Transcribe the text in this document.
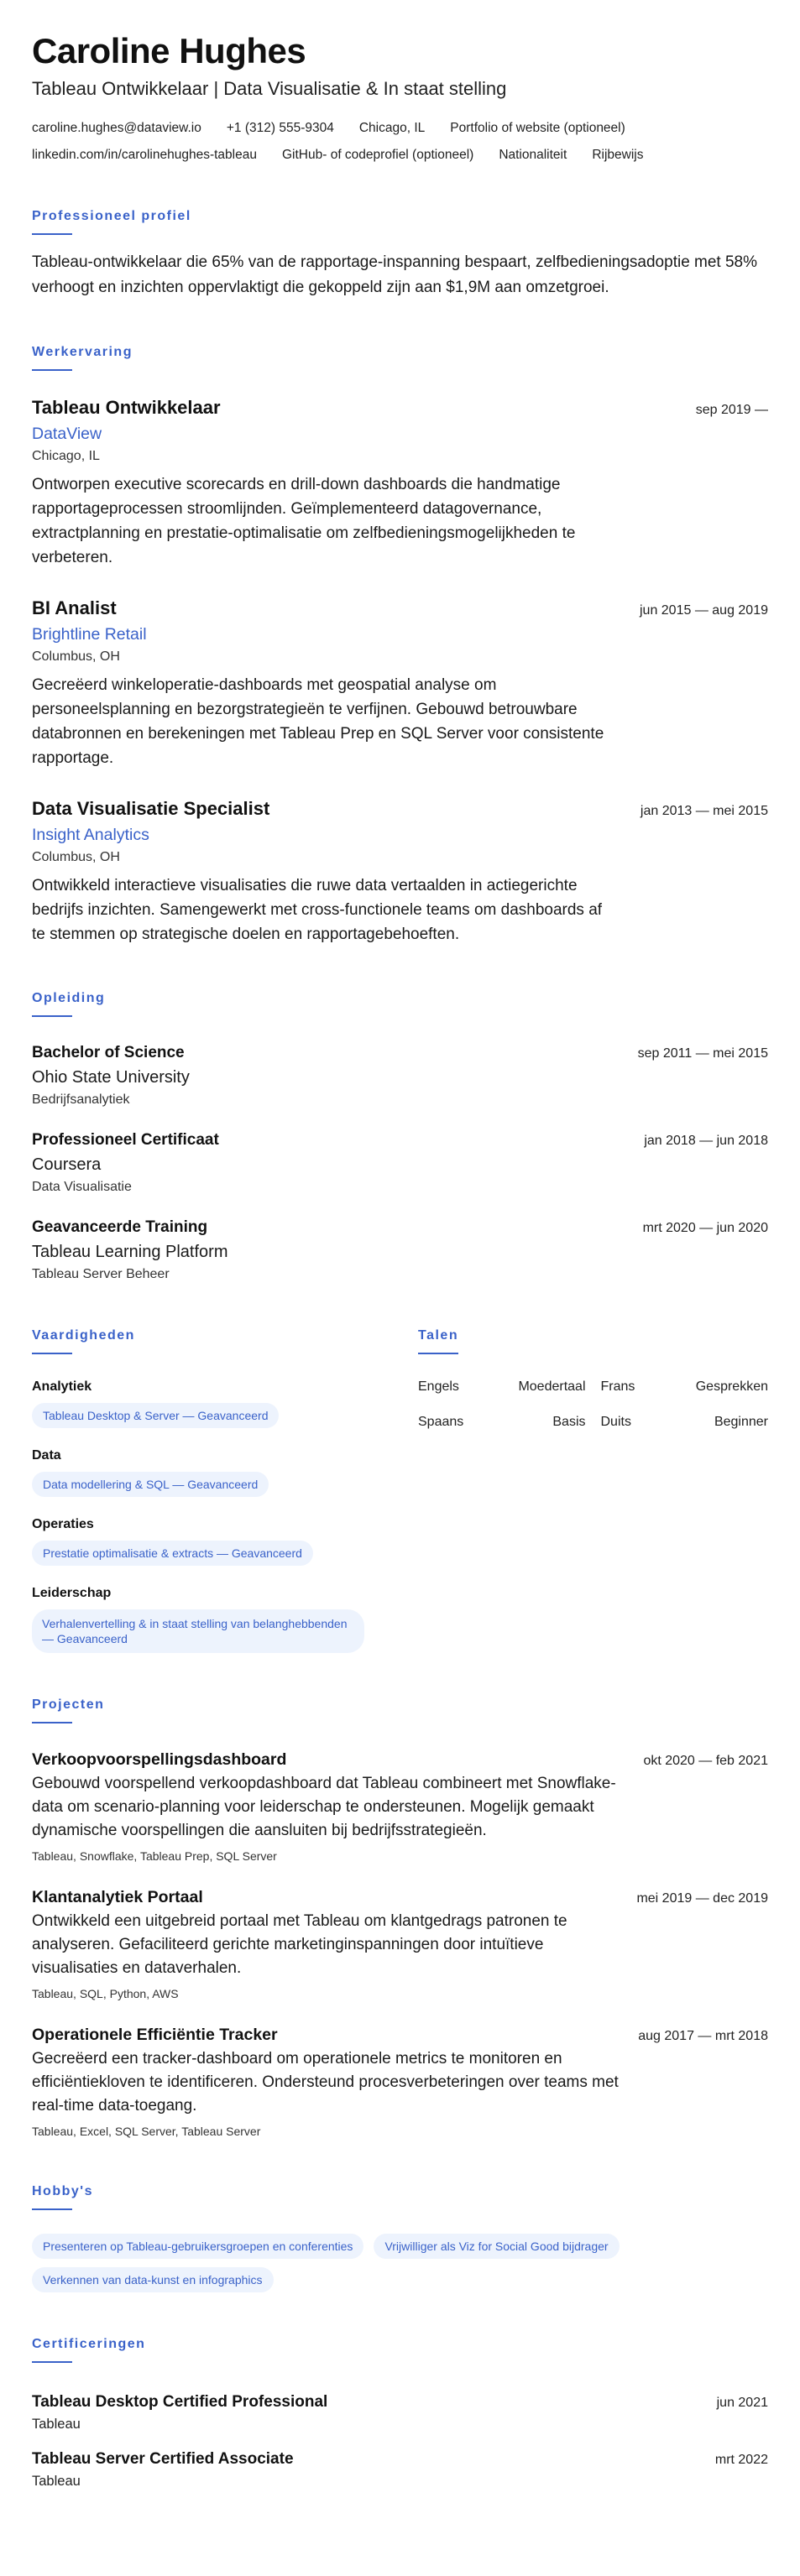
Caroline Hughes
Tableau Ontwikkelaar | Data Visualisatie & In staat stelling
caroline.hughes@dataview.io +1 (312) 555-9304 Chicago, IL Portfolio of website (optioneel)
linkedin.com/in/carolinehughes-tableau GitHub- of codeprofiel (optioneel) Nationaliteit Rijbewijs
Professioneel profiel

Tableau-ontwikkelaar die 65% van de rapportage-inspanning bespaart, zelfbedieningsadoptie met 58% verhoogt en inzichten oppervlaktigt die gekoppeld zijn aan $1,9M aan omzetgroei.

Werkervaring
Tableau Ontwikkelaar	sep 2019 —
DataView
Chicago, IL
Ontworpen executive scorecards en drill-down dashboards die handmatige rapportageprocessen stroomlijnden. Geïmplementeerd datagovernance, extractplanning en prestatie-optimalisatie om zelfbedieningsmogelijkheden te verbeteren.
BI Analist	jun 2015 — aug 2019
Brightline Retail
Columbus, OH
Gecreëerd winkeloperatie-dashboards met geospatial analyse om personeelsplanning en bezorgstrategieën te verfijnen. Gebouwd betrouwbare databronnen en berekeningen met Tableau Prep en SQL Server voor consistente rapportage.
Data Visualisatie Specialist	jan 2013 — mei 2015
Insight Analytics
Columbus, OH
Ontwikkeld interactieve visualisaties die ruwe data vertaalden in actiegerichte bedrijfs inzichten. Samengewerkt met cross-functionele teams om dashboards af te stemmen op strategische doelen en rapportagebehoeften.
Opleiding
Bachelor of Science	sep 2011 — mei 2015
Ohio State University
Bedrijfsanalytiek
Professioneel Certificaat	jan 2018 — jun 2018
Coursera
Data Visualisatie
Geavanceerde Training	mrt 2020 — jun 2020
Tableau Learning Platform
Tableau Server Beheer
Vaardigheden
Analytiek
Tableau Desktop & Server — Geavanceerd
Data
Data modellering & SQL — Geavanceerd
Operaties
Prestatie optimalisatie & extracts — Geavanceerd
Leiderschap
Verhalenvertelling & in staat stelling van belanghebbenden — Geavanceerd
Talen
Engels	Moedertaal Frans	Gesprekken
Spaans	Basis Duits	Beginner
Projecten
Verkoopvoorspellingsdashboard	okt 2020 — feb 2021
Gebouwd voorspellend verkoopdashboard dat Tableau combineert met Snowflake-data om scenario-planning voor leiderschap te ondersteunen. Mogelijk gemaakt dynamische voorspellingen die aansluiten bij bedrijfsstrategieën.
Tableau, Snowflake, Tableau Prep, SQL Server
Klantanalytiek Portaal	mei 2019 — dec 2019
Ontwikkeld een uitgebreid portaal met Tableau om klantgedrags patronen te analyseren. Gefaciliteerd gerichte marketinginspanningen door intuïtieve visualisaties en dataverhalen.
Tableau, SQL, Python, AWS
Operationele Efficiëntie Tracker	aug 2017 — mrt 2018
Gecreëerd een tracker-dashboard om operationele metrics te monitoren en efficiëntiekloven te identificeren. Ondersteund procesverbeteringen over teams met real-time data-toegang.
Tableau, Excel, SQL Server, Tableau Server
Hobby's
Presenteren op Tableau-gebruikersgroepen en conferenties	Vrijwilliger als Viz for Social Good bijdrager
Verkennen van data-kunst en infographics
Certificeringen
Tableau Desktop Certified Professional	jun 2021
Tableau
Tableau Server Certified Associate	mrt 2022
Tableau
